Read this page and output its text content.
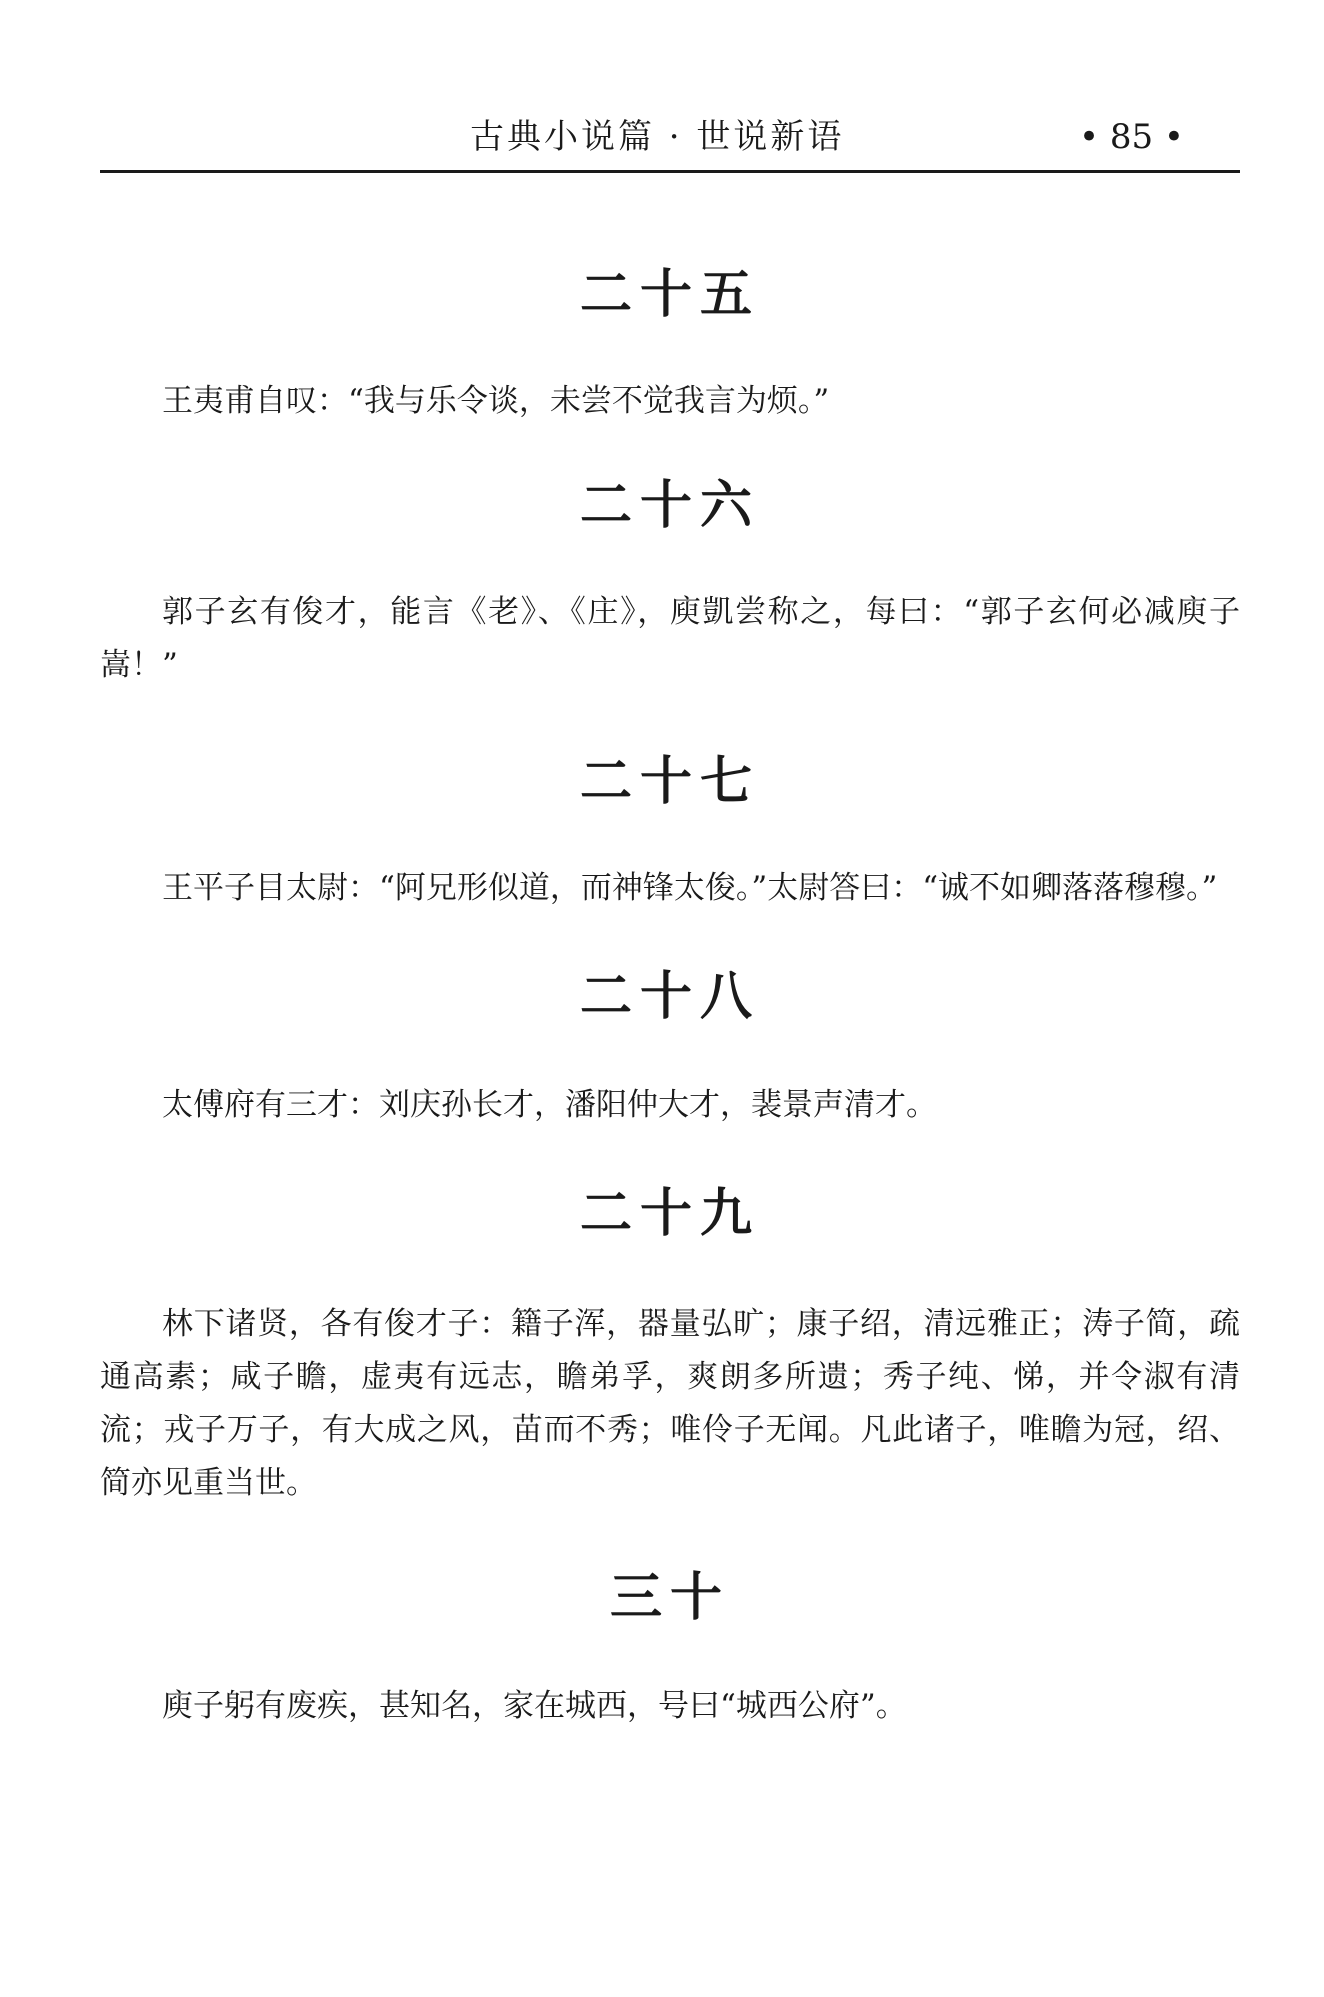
古典小说篇 · 世说新语	• 85 •
二十五

王夷甫自叹：“我与乐令谈，未尝不觉我言为烦。”

二十六

郭子玄有俊才，能言《老》、《庄》，庾凱尝称之，每曰：“郭子玄何必减庾子嵩！”

二十七

王平子目太尉：“阿兄形似道，而神锋太俊。”太尉答曰：“诚不如卿落落穆穆。”

二十八

太傅府有三才：刘庆孙长才，潘阳仲大才，裴景声清才。

二十九

林下诸贤，各有俊才子：籍子浑，器量弘旷；康子绍，清远雅正；涛子简，疏通高素；咸子瞻，虚夷有远志，瞻弟孚，爽朗多所遗；秀子纯、悌，并令淑有清流；戎子万子，有大成之风，苗而不秀；唯伶子无闻。凡此诸子，唯瞻为冠，绍、简亦见重当世。

三十

庾子躬有废疾，甚知名，家在城西，号曰“城西公府”。
